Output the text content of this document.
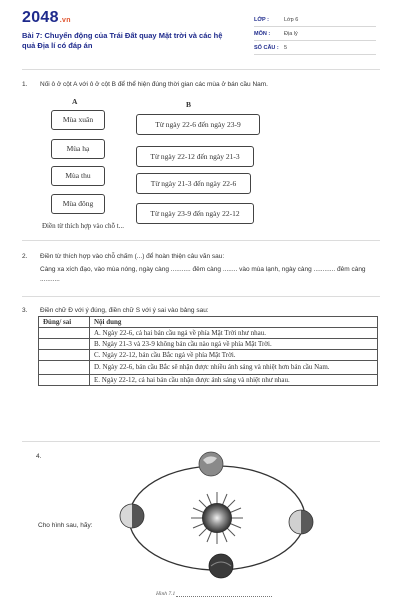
2048.vn
Bài 7: Chuyển động của Trái Đất quay Mặt trời và các hệ quả Địa lí có đáp án
LỚP :	Lớp 6
MÔN :	Địa lý
SỐ CÂU : 5
1. Nối ô ở cột A với ô ở cột B để thể hiện đúng thời gian các mùa ở bán cầu Nam.
A	B
Mùa xuân
Mùa hạ
Mùa thu
Mùa đông
Từ ngày 22-6 đến ngày 23-9
Từ ngày 22-12 đến ngày 21-3
Từ ngày 21-3 đến ngày 22-6
Từ ngày 23-9 đến ngày 22-12
Điền từ thích hợp vào chỗ t...
2. Điền từ thích hợp vào chỗ chấm (...) để hoàn thiện câu văn sau:
Càng xa xích đạo, vào mùa nóng, ngày càng ........... đêm càng ........ vào mùa lạnh, ngày càng ............ đêm càng ...........
3. Điền chữ Đ với ý đúng, điền chữ S với ý sai vào bảng sau:
Đúng/ sai	Nội dung
	A. Ngày 22-6, cả hai bán cầu ngả về phía Mặt Trời như nhau.
	B. Ngày 21-3 và 23-9 không bán cầu nào ngả về phía Mặt Trời.
	C. Ngày 22-12, bán cầu Bắc ngả về phía Mặt Trời.
	D. Ngày 22-6, bán cầu Bắc sẽ nhận được nhiều ánh sáng và nhiệt hơn bán cầu Nam.
	E. Ngày 22-12, cả hai bán cầu nhận được ánh sáng và nhiệt như nhau.
4.
Cho hình sau, hãy:
Hình 7.1
